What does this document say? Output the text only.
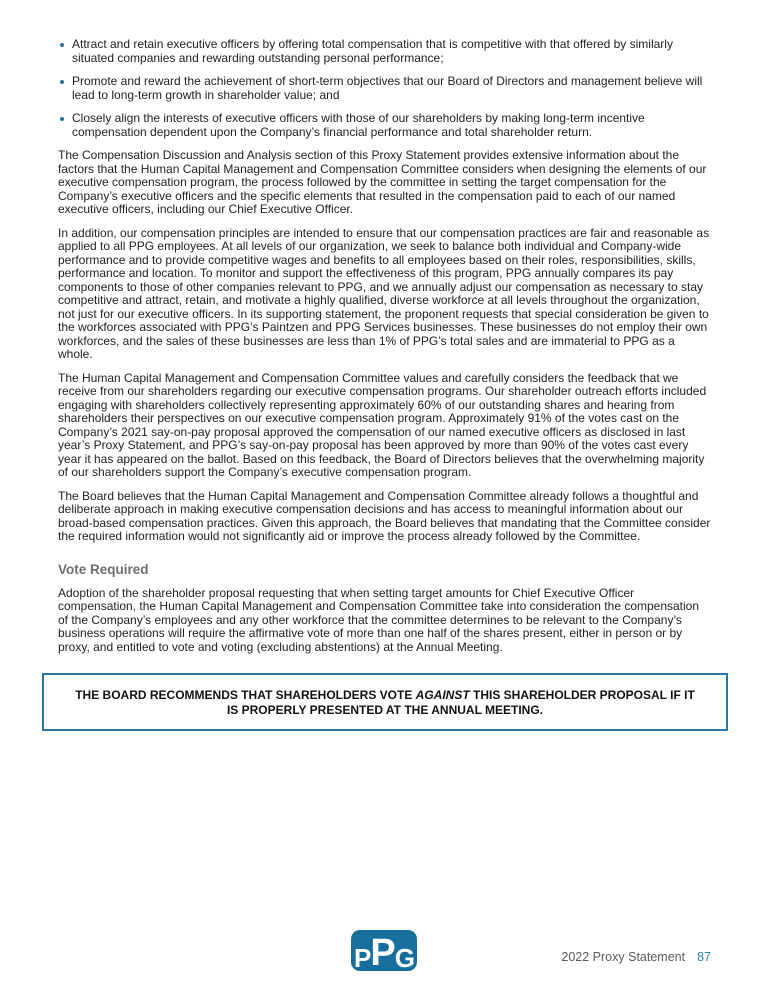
Attract and retain executive officers by offering total compensation that is competitive with that offered by similarly situated companies and rewarding outstanding personal performance;
Promote and reward the achievement of short-term objectives that our Board of Directors and management believe will lead to long-term growth in shareholder value; and
Closely align the interests of executive officers with those of our shareholders by making long-term incentive compensation dependent upon the Company’s financial performance and total shareholder return.

The Compensation Discussion and Analysis section of this Proxy Statement provides extensive information about the factors that the Human Capital Management and Compensation Committee considers when designing the elements of our executive compensation program, the process followed by the committee in setting the target compensation for the Company’s executive officers and the specific elements that resulted in the compensation paid to each of our named executive officers, including our Chief Executive Officer.

In addition, our compensation principles are intended to ensure that our compensation practices are fair and reasonable as applied to all PPG employees. At all levels of our organization, we seek to balance both individual and Company-wide performance and to provide competitive wages and benefits to all employees based on their roles, responsibilities, skills, performance and location. To monitor and support the effectiveness of this program, PPG annually compares its pay components to those of other companies relevant to PPG, and we annually adjust our compensation as necessary to stay competitive and attract, retain, and motivate a highly qualified, diverse workforce at all levels throughout the organization, not just for our executive officers. In its supporting statement, the proponent requests that special consideration be given to the workforces associated with PPG’s Paintzen and PPG Services businesses. These businesses do not employ their own workforces, and the sales of these businesses are less than 1% of PPG’s total sales and are immaterial to PPG as a whole.

The Human Capital Management and Compensation Committee values and carefully considers the feedback that we receive from our shareholders regarding our executive compensation programs. Our shareholder outreach efforts included engaging with shareholders collectively representing approximately 60% of our outstanding shares and hearing from shareholders their perspectives on our executive compensation program. Approximately 91% of the votes cast on the Company’s 2021 say-on-pay proposal approved the compensation of our named executive officers as disclosed in last year’s Proxy Statement, and PPG’s say-on-pay proposal has been approved by more than 90% of the votes cast every year it has appeared on the ballot. Based on this feedback, the Board of Directors believes that the overwhelming majority of our shareholders support the Company’s executive compensation program.

The Board believes that the Human Capital Management and Compensation Committee already follows a thoughtful and deliberate approach in making executive compensation decisions and has access to meaningful information about our broad-based compensation practices. Given this approach, the Board believes that mandating that the Committee consider the required information would not significantly aid or improve the process already followed by the Committee.

Vote Required

Adoption of the shareholder proposal requesting that when setting target amounts for Chief Executive Officer compensation, the Human Capital Management and Compensation Committee take into consideration the compensation of the Company’s employees and any other workforce that the committee determines to be relevant to the Company’s business operations will require the affirmative vote of more than one half of the shares present, either in person or by proxy, and entitled to vote and voting (excluding abstentions) at the Annual Meeting.

THE BOARD RECOMMENDS THAT SHAREHOLDERS VOTE AGAINST THIS SHAREHOLDER PROPOSAL IF IT IS PROPERLY PRESENTED AT THE ANNUAL MEETING.
P P G	2022 Proxy Statement 87
